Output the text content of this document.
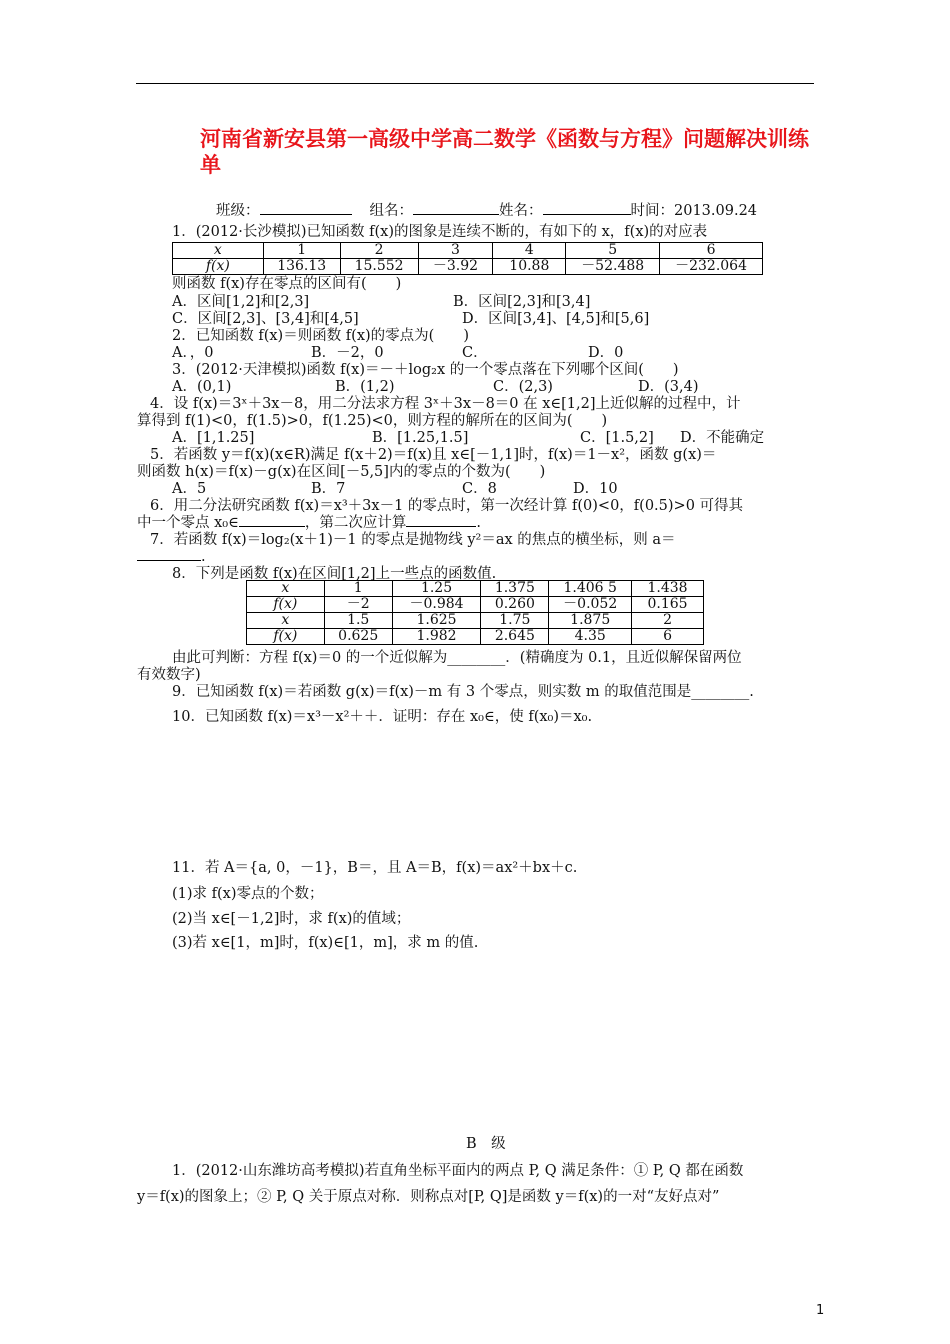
河南省新安县第一高级中学高二数学《函数与方程》问题解决训练单
班级：	组名：	姓名：	时间：2013.09.24
1．(2012·长沙模拟)已知函数 f(x)的图象是连续不断的，有如下的 x，f(x)的对应表
x	1	2	3	4	5	6
f(x)	136.13	15.552	－3.92	10.88	－52.488	－232.064
则函数 f(x)存在零点的区间有(　　)
A．区间[1,2]和[2,3]	B．区间[2,3]和[3,4]
C．区间[2,3]、[3,4]和[4,5]	D．区间[3,4]、[4,5]和[5,6]
2．已知函数 f(x)＝则函数 f(x)的零点为(　　)
A．，0	B．－2，0	C．	D．0
3．(2012·天津模拟)函数 f(x)＝－＋log₂x 的一个零点落在下列哪个区间(　　)
A．(0,1)	B．(1,2)	C．(2,3)	D．(3,4)
4．设 f(x)＝3ˣ＋3x－8，用二分法求方程 3ˣ＋3x－8＝0 在 x∈[1,2]上近似解的过程中，计
算得到 f(1)<0，f(1.5)>0，f(1.25)<0，则方程的解所在的区间为(　　)
A．[1,1.25]	B．[1.25,1.5]	C．[1.5,2] D．不能确定
5．若函数 y＝f(x)(x∈R)满足 f(x＋2)＝f(x)且 x∈[－1,1]时，f(x)＝1－x²，函数 g(x)＝
则函数 h(x)＝f(x)－g(x)在区间[－5,5]内的零点的个数为(　　)
A．5	B．7	C．8	D．10
6．用二分法研究函数 f(x)＝x³＋3x－1 的零点时，第一次经计算 f(0)<0，f(0.5)>0 可得其
中一个零点 x₀∈	，第二次应计算	.
7．若函数 f(x)＝log₂(x＋1)－1 的零点是抛物线 y²＝ax 的焦点的横坐标，则 a＝
.
8．下列是函数 f(x)在区间[1,2]上一些点的函数值.
x	1	1.25	1.375	1.406 5	1.438
f(x)	－2	－0.984	0.260	－0.052	0.165
x	1.5	1.625	1.75	1.875	2
f(x)	0.625	1.982	2.645	4.35	6
由此可判断：方程 f(x)＝0 的一个近似解为________．(精确度为 0.1，且近似解保留两位
有效数字)
9．已知函数 f(x)＝若函数 g(x)＝f(x)－m 有 3 个零点，则实数 m 的取值范围是________.
10．已知函数 f(x)＝x³－x²＋＋．证明：存在 x₀∈，使 f(x₀)＝x₀.
11．若 A＝{a, 0，－1}，B＝，且 A＝B，f(x)＝ax²＋bx＋c.
(1)求 f(x)零点的个数；
(2)当 x∈[－1,2]时，求 f(x)的值域；
(3)若 x∈[1，m]时，f(x)∈[1，m]，求 m 的值.
B　级
1．(2012·山东潍坊高考模拟)若直角坐标平面内的两点 P, Q 满足条件：① P, Q 都在函数
y＝f(x)的图象上；② P, Q 关于原点对称．则称点对[P, Q]是函数 y＝f(x)的一对“友好点对”
1
